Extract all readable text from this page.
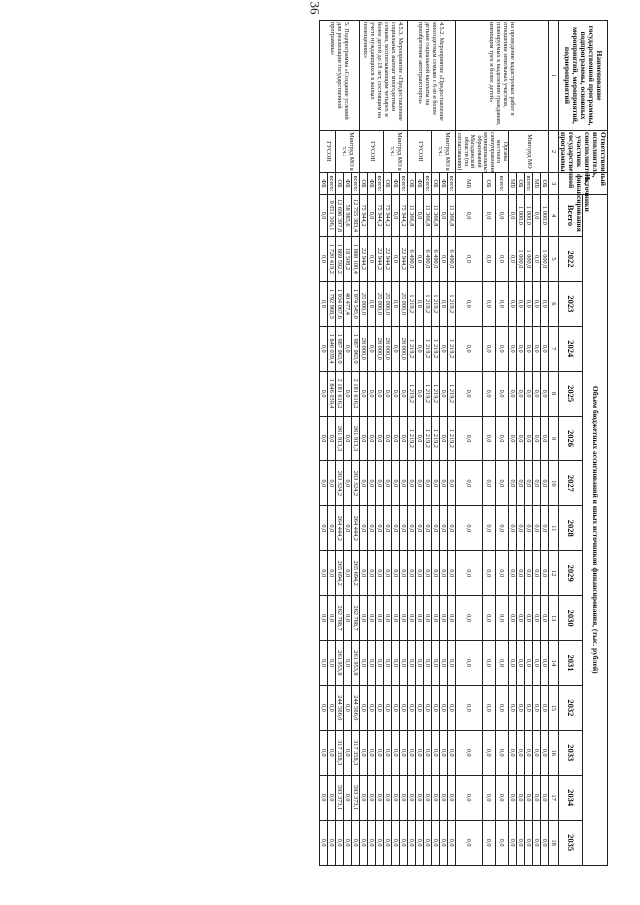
36
Наименование государственной программы, подпрограммы, основных мероприятий, мероприятий, подмероприятий	Ответственный исполнитель, соисполнитель, участник государственной программы	Источники финансирования	Объем бюджетных ассигнований и иных источников финансирования, (тыс. рублей)														
			Всего	2022	2023	2024	2025	2026	2027	2028	2029	2030	2031	2032	2033	2034	2035
1	2	3	4	5	6	7	8	9	10	11	12	13	14	15	16	17	18
на проведение кадастровых работ в отношении земельных участков, планируемых к выделению гражданам, имеющим трех и более детей»	Минтруд МО	ОБ	1 000,0	1 000,0	0,0	0,0	0,0	0,0	0,0	0,0	0,0	0,0	0,0	0,0	0,0	0,0	0,0
		МБ	0,0	0,0	0,0	0,0	0,0	0,0	0,0	0,0	0,0	0,0	0,0	0,0	0,0	0,0	0,0
		всего:	1 000,0	1 000,0	0,0	0,0	0,0	0,0	0,0	0,0	0,0	0,0	0,0	0,0	0,0	0,0	0,0
		ОБ	1 000,0	1 000,0	0,0	0,0	0,0	0,0	0,0	0,0	0,0	0,0	0,0	0,0	0,0	0,0	0,0
		МБ	0,0	0,0	0,0	0,0	0,0	0,0	0,0	0,0	0,0	0,0	0,0	0,0	0,0	0,0	0,0
	Органы местного самоуправления муниципальных образований Магаданской области (по согласованию)	всего:	0,0	0,0	0,0	0,0	0,0	0,0	0,0	0,0	0,0	0,0	0,0	0,0	0,0	0,0	0,0
		ОБ	0,0	0,0	0,0	0,0	0,0	0,0	0,0	0,0	0,0	0,0	0,0	0,0	0,0	0,0	0,0
		МБ	0,0	0,0	0,0	0,0	0,0	0,0	0,0	0,0	0,0	0,0	0,0	0,0	0,0	0,0	0,0
4.5.2. Мероприятие «Предоставление многодетным семьям с 6-ю и более детьми социальной выплаты на приобретение автотранспорта»	Минтруд МО в т.ч.:	всего:	11 366,8	6 490,0	1 219,2	1 219,2	1 219,2	1 219,2	0,0	0,0	0,0	0,0	0,0	0,0	0,0	0,0	0,0
		ФБ	0,0	0,0	0,0	0,0	0,0	0,0	0,0	0,0	0,0	0,0	0,0	0,0	0,0	0,0	0,0
		ОБ	11 366,8	6 490,0	1 219,2	1 219,2	1 219,2	1 219,2	0,0	0,0	0,0	0,0	0,0	0,0	0,0	0,0	0,0
	ГУСОН	всего:	11 366,8	6 490,0	1 219,2	1 219,2	1 219,2	1 219,2	0,0	0,0	0,0	0,0	0,0	0,0	0,0	0,0	0,0
		ФБ	0,0	0,0	0,0	0,0	0,0	0,0	0,0	0,0	0,0	0,0	0,0	0,0	0,0	0,0	0,0
		ОБ	11 366,8	6 490,0	1 219,2	1 219,2	1 219,2	1 219,2	0,0	0,0	0,0	0,0	0,0	0,0	0,0	0,0	0,0
4.5.3. Мероприятие «Предоставление социальных выплат многодетным семьям, воспитывающим четырех и более детей до 18 лет, состоящим на учете нуждающихся в жилых помещениях»	Минтруд МО в т.ч.:	всего:	75 944,2	22 944,2	25 000,0	28 000,0	0,0	0,0	0,0	0,0	0,0	0,0	0,0	0,0	0,0	0,0	0,0
		ФБ	0,0	0,0	0,0	0,0	0,0	0,0	0,0	0,0	0,0	0,0	0,0	0,0	0,0	0,0	0,0
		ОБ	75 944,2	22 944,2	25 000,0	28 000,0	0,0	0,0	0,0	0,0	0,0	0,0	0,0	0,0	0,0	0,0	0,0
	ГУСОН	всего:	75 944,2	22 944,2	25 000,0	28 000,0	0,0	0,0	0,0	0,0	0,0	0,0	0,0	0,0	0,0	0,0	0,0
		ФБ	0,0	0,0	0,0	0,0	0,0	0,0	0,0	0,0	0,0	0,0	0,0	0,0	0,0	0,0	0,0
		ОБ	75 944,2	22 944,2	25 000,0	28 000,0	0,0	0,0	0,0	0,0	0,0	0,0	0,0	0,0	0,0	0,0	0,0
5. Подпрограмма «Создание условий для реализации государственной программы»	Минтруд МО в т.ч.:	всего:	12 755 383,4	1 888 100,4	1 974 545,0	1 987 963,0	2 181 616,2	261 913,3	263 324,2	264 444,2	265 694,2	262 768,7	261 953,8	244 566,0	317 358,3	593 373,1	0,0
		ФБ	58 985,6	18 508,2	40 477,4	0,0	0,0	0,0	0,0	0,0	0,0	0,0	0,0	0,0	0,0	0,0	0,0
		ОБ	12 696 397,8	1 869 592,2	1 934 067,6	1 987 963,0	2 181 616,2	261 913,3	263 324,2	264 444,2	265 694,2	262 768,7	261 953,8	244 566,0	317 358,3	593 373,1	0,0
	ГУСОН	всего:	9 051 506,1	1 720 419,2	1 792 968,3	1 846 039,4	1 846 039,4	0,0	0,0	0,0	0,0	0,0	0,0	0,0	0,0	0,0	0,0
		ФБ	0,0	0,0	0,0	0,0	0,0	0,0	0,0	0,0	0,0	0,0	0,0	0,0	0,0	0,0	0,0
